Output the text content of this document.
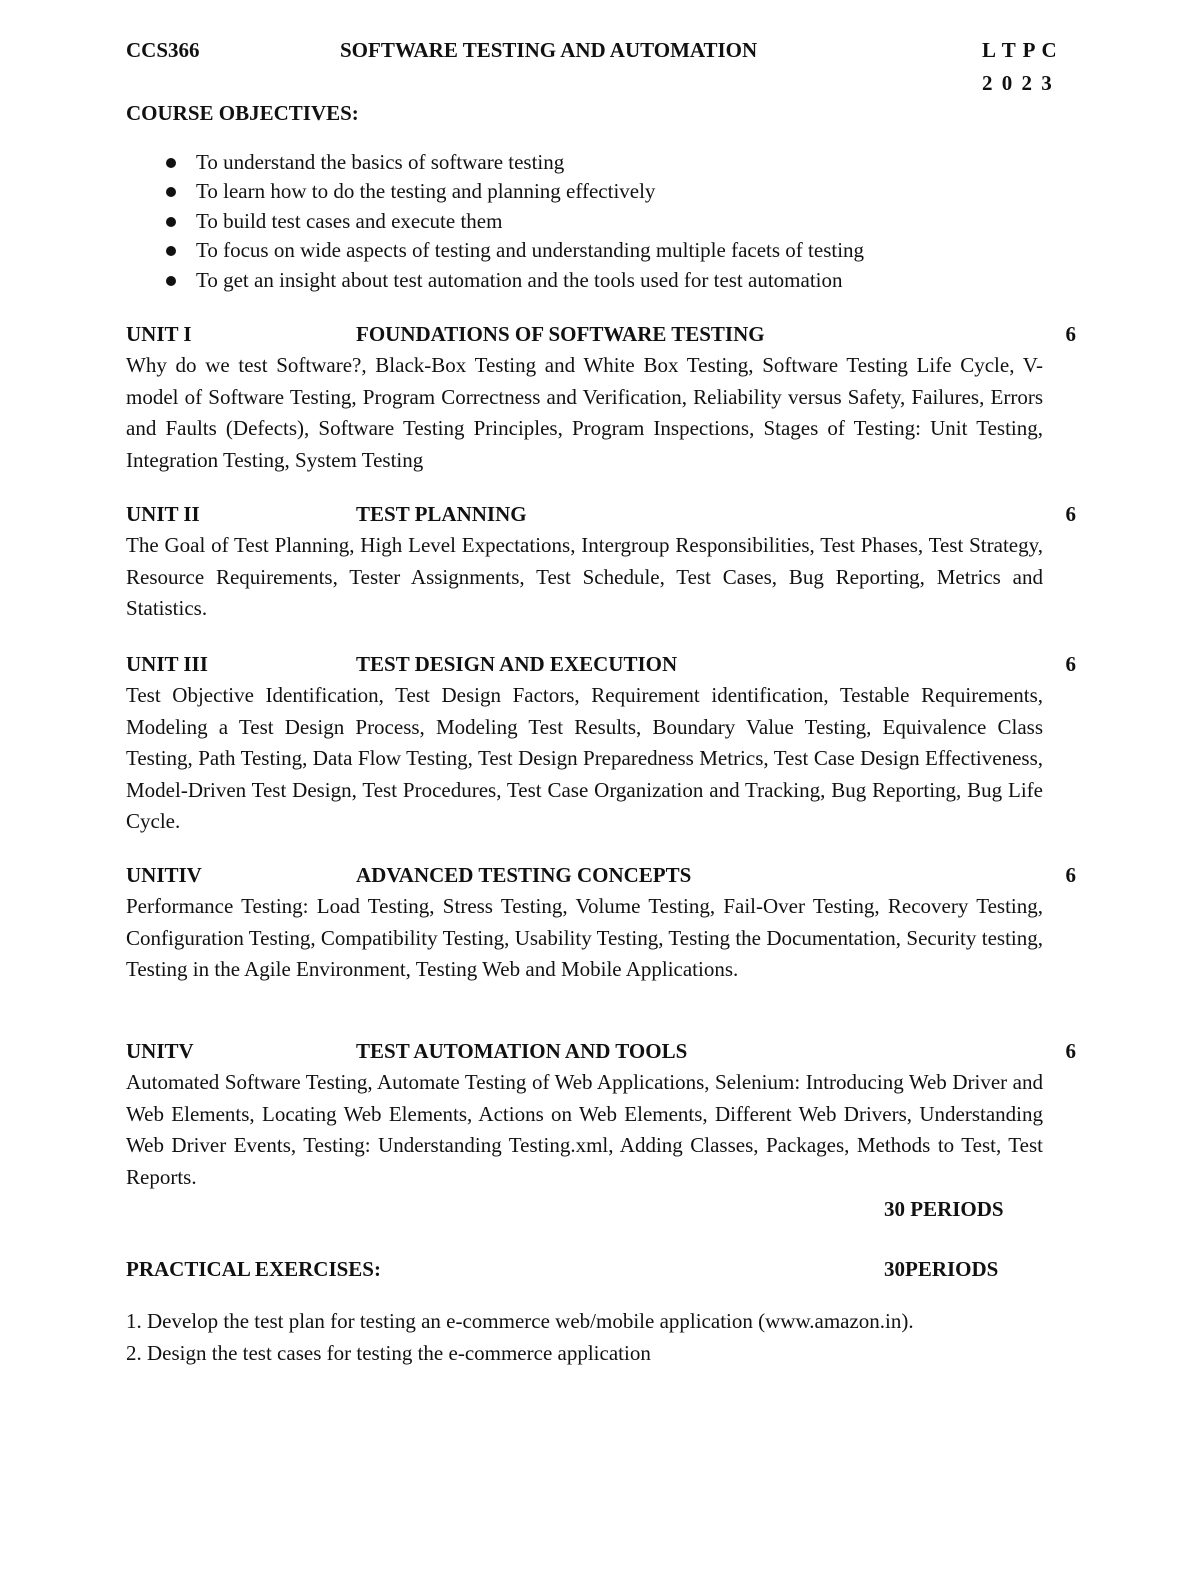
CCS366	SOFTWARE TESTING AND AUTOMATION	L T P C
2 0 2 3
COURSE OBJECTIVES:
To understand the basics of software testing
To learn how to do the testing and planning effectively
To build test cases and execute them
To focus on wide aspects of testing and understanding multiple facets of testing
To get an insight about test automation and the tools used for test automation
UNIT I	FOUNDATIONS OF SOFTWARE TESTING	6

Why do we test Software?, Black-Box Testing and White Box Testing, Software Testing Life Cycle, V-model of Software Testing, Program Correctness and Verification, Reliability versus Safety, Failures, Errors and Faults (Defects), Software Testing Principles, Program Inspections, Stages of Testing: Unit Testing, Integration Testing, System Testing

UNIT II	TEST PLANNING	6

The Goal of Test Planning, High Level Expectations, Intergroup Responsibilities, Test Phases, Test Strategy, Resource Requirements, Tester Assignments, Test Schedule, Test Cases, Bug Reporting, Metrics and Statistics.

UNIT III	TEST DESIGN AND EXECUTION	6

Test Objective Identification, Test Design Factors, Requirement identification, Testable Requirements, Modeling a Test Design Process, Modeling Test Results, Boundary Value Testing, Equivalence Class Testing, Path Testing, Data Flow Testing, Test Design Preparedness Metrics, Test Case Design Effectiveness, Model-Driven Test Design, Test Procedures, Test Case Organization and Tracking, Bug Reporting, Bug Life Cycle.

UNITIV	ADVANCED TESTING CONCEPTS	6

Performance Testing: Load Testing, Stress Testing, Volume Testing, Fail-Over Testing, Recovery Testing, Configuration Testing, Compatibility Testing, Usability Testing, Testing the Documentation, Security testing, Testing in the Agile Environment, Testing Web and Mobile Applications.

UNITV	TEST AUTOMATION AND TOOLS	6

Automated Software Testing, Automate Testing of Web Applications, Selenium: Introducing Web Driver and Web Elements, Locating Web Elements, Actions on Web Elements, Different Web Drivers, Understanding Web Driver Events, Testing: Understanding Testing.xml, Adding Classes, Packages, Methods to Test, Test Reports.

30 PERIODS
PRACTICAL EXERCISES:	30PERIODS
1. Develop the test plan for testing an e-commerce web/mobile application (www.amazon.in).
2. Design the test cases for testing the e-commerce application
